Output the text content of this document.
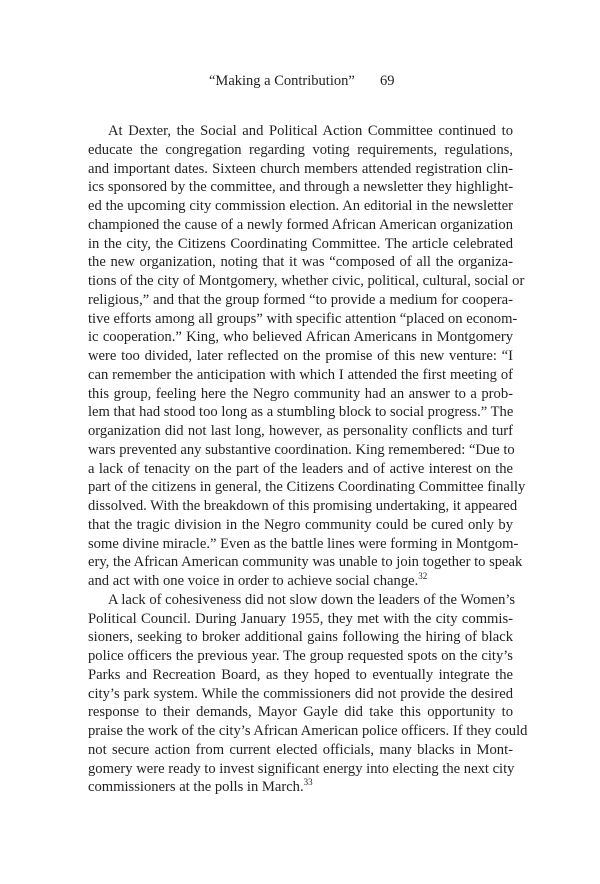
“Making a Contribution” 69
At Dexter, the Social and Political Action Committee continued to
educate the congregation regarding voting requirements, regulations,
and important dates. Sixteen church members attended registration clin-
ics sponsored by the committee, and through a newsletter they highlight-
ed the upcoming city commission election. An editorial in the newsletter
championed the cause of a newly formed African American organization
in the city, the Citizens Coordinating Committee. The article celebrated
the new organization, noting that it was “composed of all the organiza-
tions of the city of Montgomery, whether civic, political, cultural, social or
religious,” and that the group formed “to provide a medium for coopera-
tive efforts among all groups” with specific attention “placed on econom-
ic cooperation.” King, who believed African Americans in Montgomery
were too divided, later reflected on the promise of this new venture: “I
can remember the anticipation with which I attended the first meeting of
this group, feeling here the Negro community had an answer to a prob-
lem that had stood too long as a stumbling block to social progress.” The
organization did not last long, however, as personality conflicts and turf
wars prevented any substantive coordination. King remembered: “Due to
a lack of tenacity on the part of the leaders and of active interest on the
part of the citizens in general, the Citizens Coordinating Committee finally
dissolved. With the breakdown of this promising undertaking, it appeared
that the tragic division in the Negro community could be cured only by
some divine miracle.” Even as the battle lines were forming in Montgom-
ery, the African American community was unable to join together to speak
and act with one voice in order to achieve social change.$^{32}$
A lack of cohesiveness did not slow down the leaders of the Women’s
Political Council. During January 1955, they met with the city commis-
sioners, seeking to broker additional gains following the hiring of black
police officers the previous year. The group requested spots on the city’s
Parks and Recreation Board, as they hoped to eventually integrate the
city’s park system. While the commissioners did not provide the desired
response to their demands, Mayor Gayle did take this opportunity to
praise the work of the city’s African American police officers. If they could
not secure action from current elected officials, many blacks in Mont-
gomery were ready to invest significant energy into electing the next city
commissioners at the polls in March.$^{33}$
